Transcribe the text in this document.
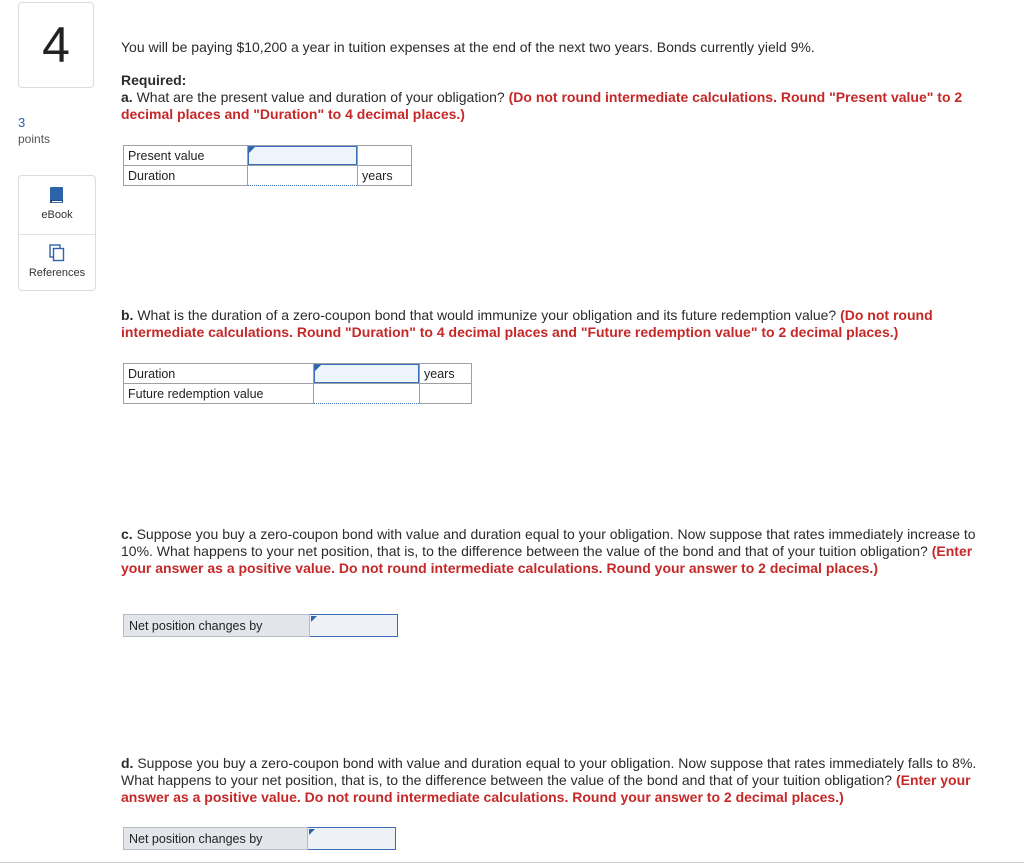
4
3
points
eBook
References
You will be paying $10,200 a year in tuition expenses at the end of the next two years. Bonds currently yield 9%.
Required:
a. What are the present value and duration of your obligation? (Do not round intermediate calculations. Round "Present value" to 2 decimal places and "Duration" to 4 decimal places.)
Present value	

Duration		years
b. What is the duration of a zero-coupon bond that would immunize your obligation and its future redemption value? (Do not round intermediate calculations. Round "Duration" to 4 decimal places and "Future redemption value" to 2 decimal places.)
Duration		years
Future redemption value	

c. Suppose you buy a zero-coupon bond with value and duration equal to your obligation. Now suppose that rates immediately increase to 10%. What happens to your net position, that is, to the difference between the value of the bond and that of your tuition obligation? (Enter your answer as a positive value. Do not round intermediate calculations. Round your answer to 2 decimal places.)
Net position changes by	
d. Suppose you buy a zero-coupon bond with value and duration equal to your obligation. Now suppose that rates immediately falls to 8%. What happens to your net position, that is, to the difference between the value of the bond and that of your tuition obligation? (Enter your answer as a positive value. Do not round intermediate calculations. Round your answer to 2 decimal places.)
Net position changes by	
